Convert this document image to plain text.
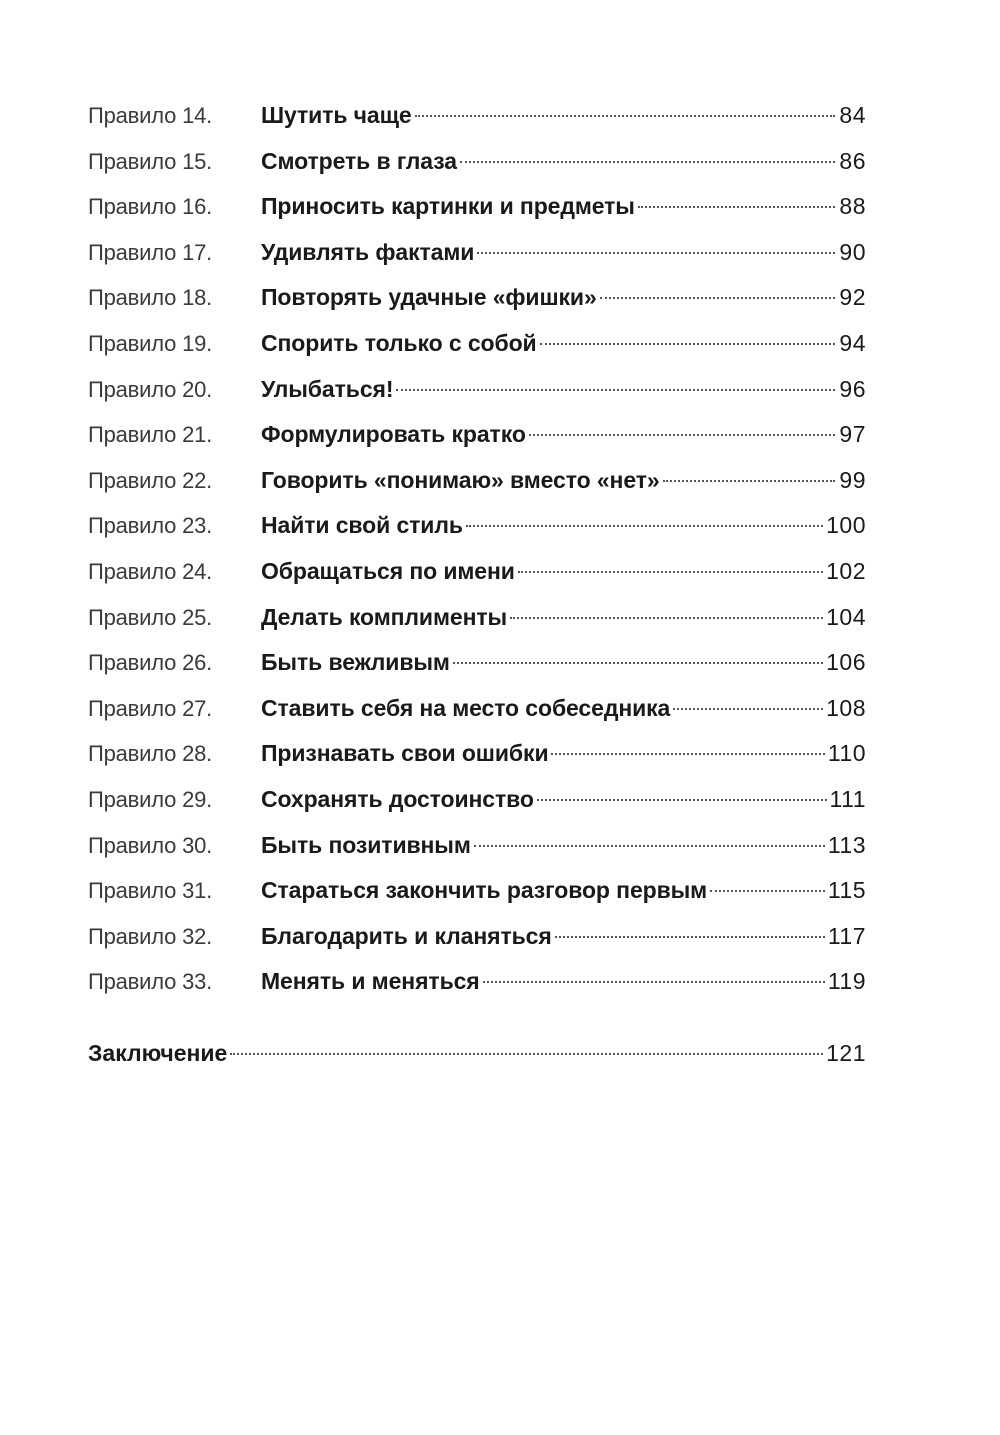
Правило 14.	Шутить чаще	84
Правило 15.	Смотреть в глаза	86
Правило 16.	Приносить картинки и предметы	88
Правило 17.	Удивлять фактами	90
Правило 18.	Повторять удачные «фишки»	92
Правило 19.	Спорить только с собой	94
Правило 20.	Улыбаться!	96
Правило 21.	Формулировать кратко	97
Правило 22.	Говорить «понимаю» вместо «нет»	99
Правило 23.	Найти свой стиль	100
Правило 24.	Обращаться по имени	102
Правило 25.	Делать комплименты	104
Правило 26.	Быть вежливым	106
Правило 27.	Ставить себя на место собеседника	108
Правило 28.	Признавать свои ошибки	110
Правило 29.	Сохранять достоинство	111
Правило 30.	Быть позитивным	113
Правило 31.	Стараться закончить разговор первым	115
Правило 32.	Благодарить и кланяться	117
Правило 33.	Менять и меняться	119
Заключение	121
